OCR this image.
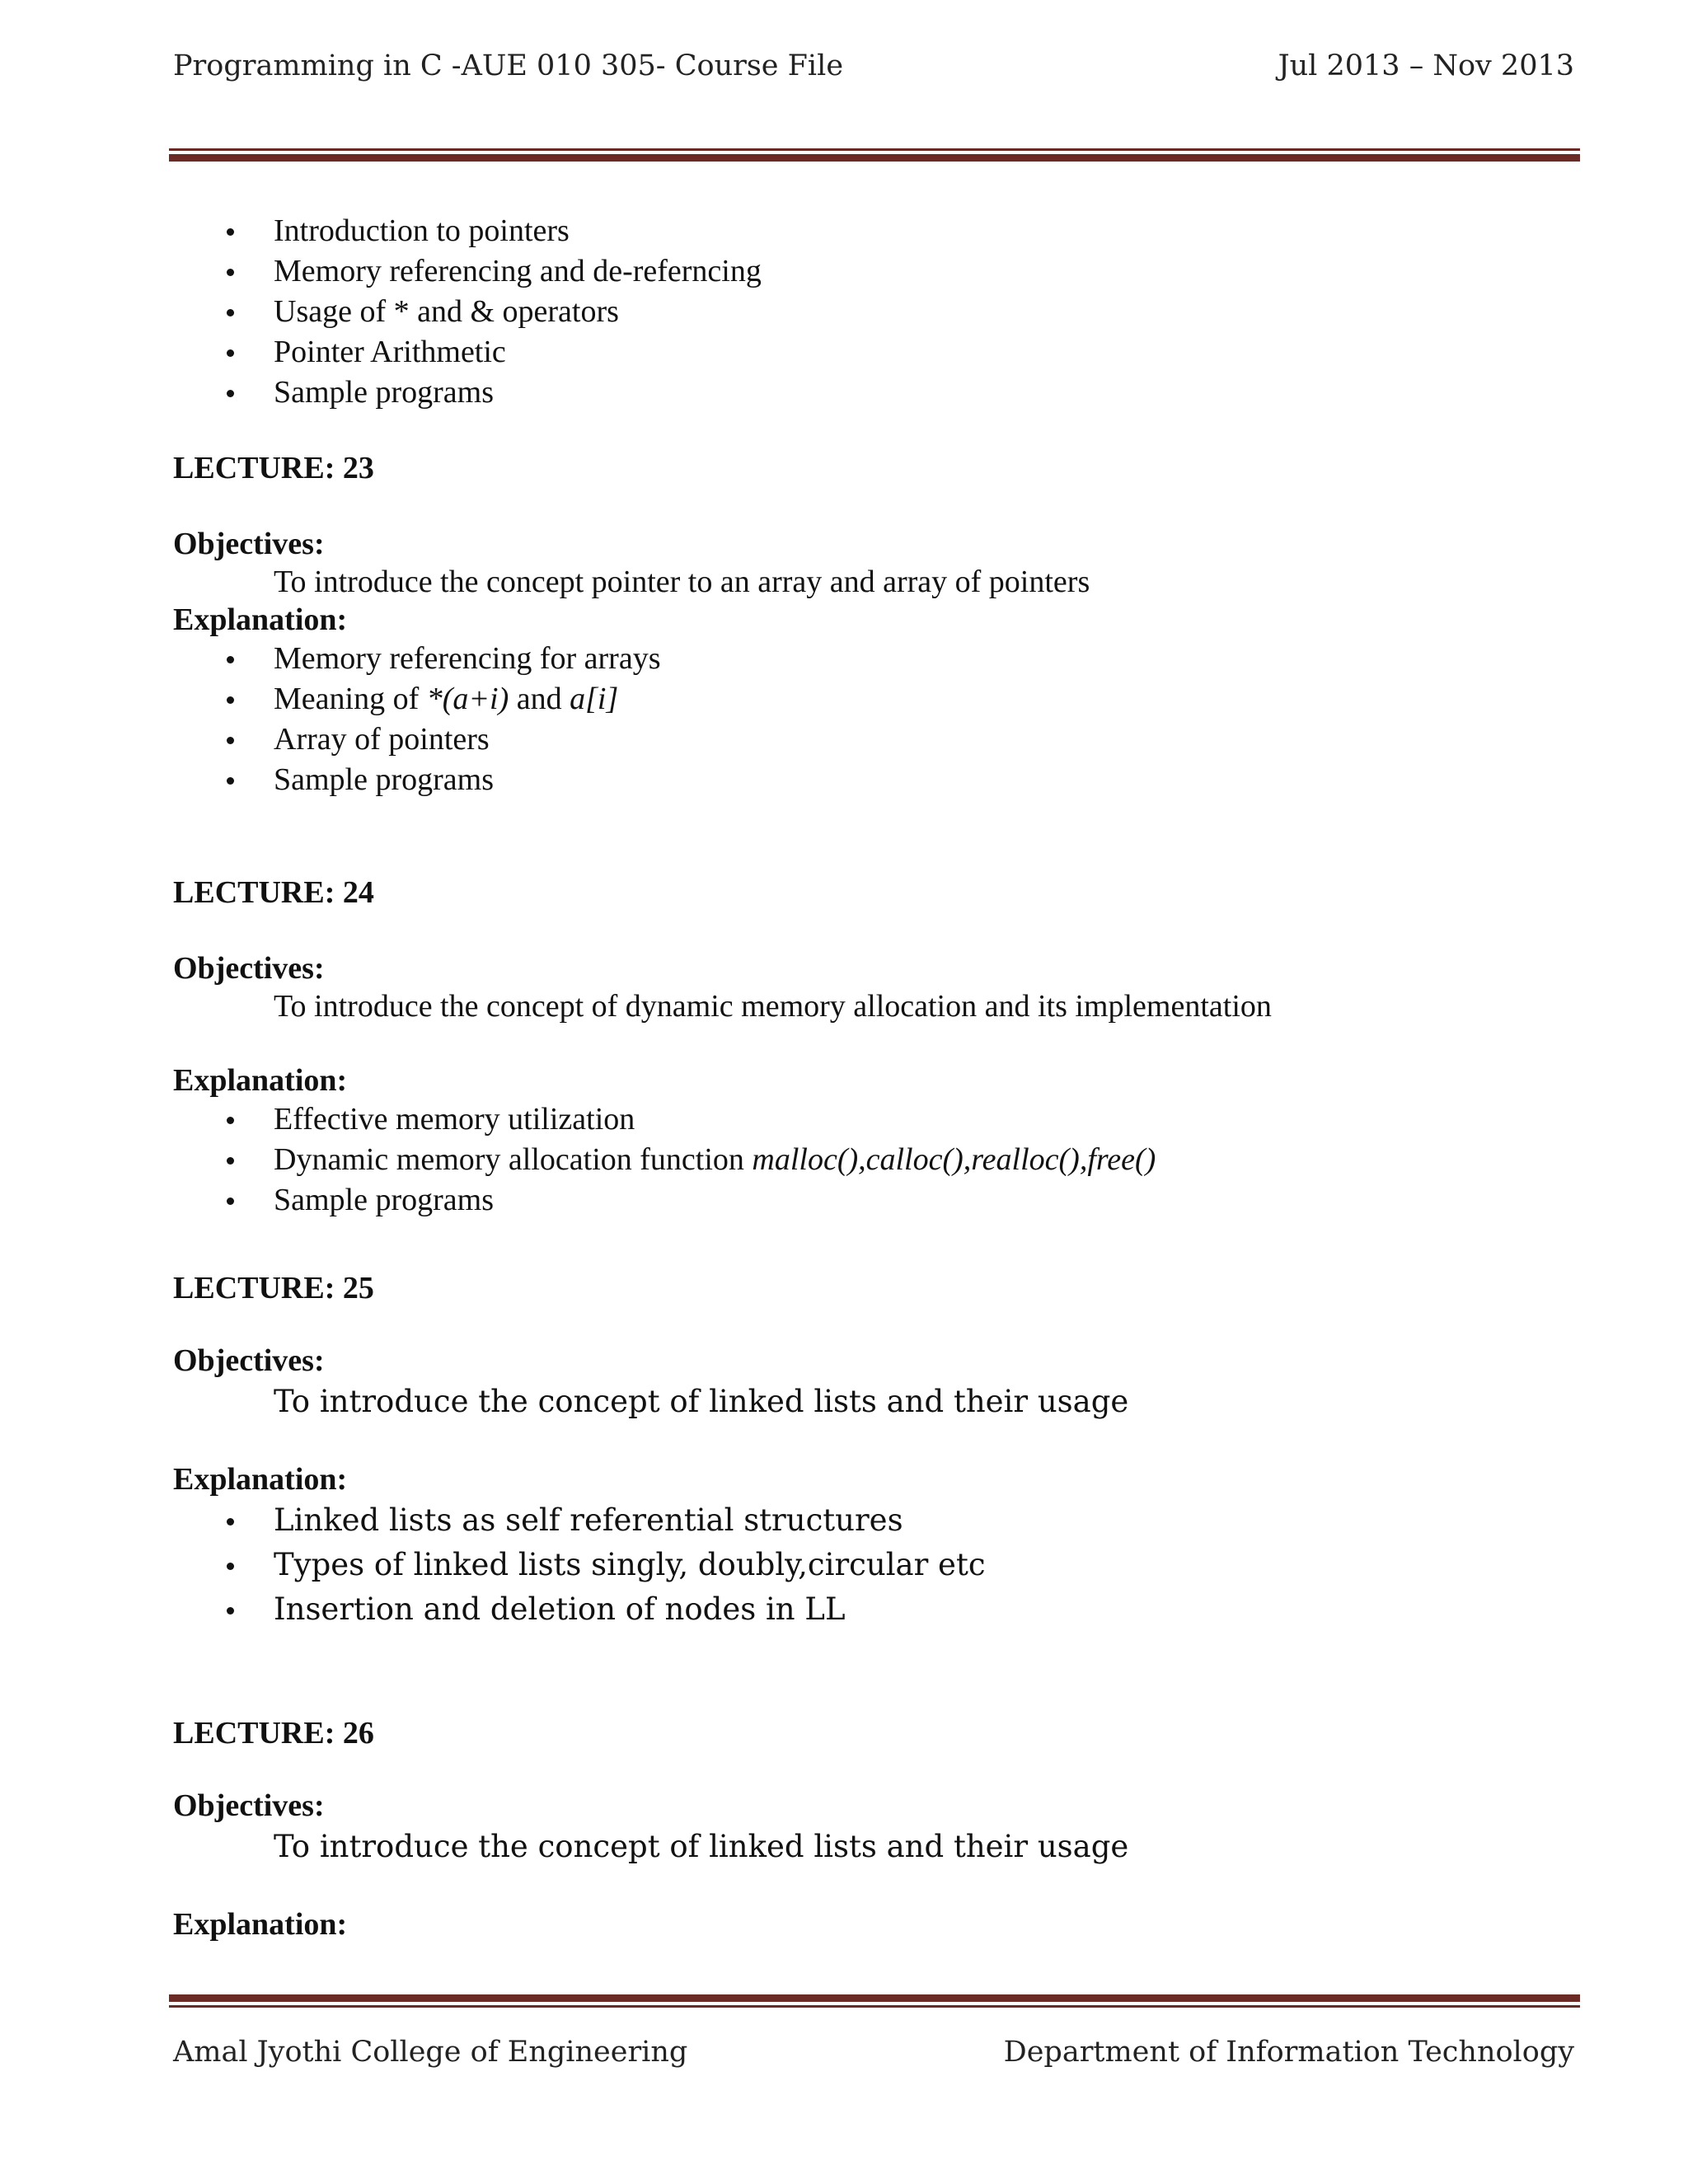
Programming in C -AUE 010 305- Course File	Jul 2013 – Nov 2013
Introduction to pointers
Memory referencing and de-referncing
Usage of * and & operators
Pointer Arithmetic
Sample programs

LECTURE: 23

Objectives:

To introduce the concept pointer to an array and array of pointers

Explanation:

Memory referencing for arrays
Meaning of *(a+i) and a[i]
Array of pointers
Sample programs

LECTURE: 24

Objectives:

To introduce the concept of dynamic memory allocation and its implementation

Explanation:

Effective memory utilization
Dynamic memory allocation function malloc(),calloc(),realloc(),free()
Sample programs

LECTURE: 25

Objectives:

To introduce the concept of linked lists and their usage

Explanation:

Linked lists as self referential structures
Types of linked lists singly, doubly,circular etc
Insertion and deletion of nodes in LL

LECTURE: 26

Objectives:

To introduce the concept of linked lists and their usage

Explanation:

Amal Jyothi College of Engineering	Department of Information Technology
